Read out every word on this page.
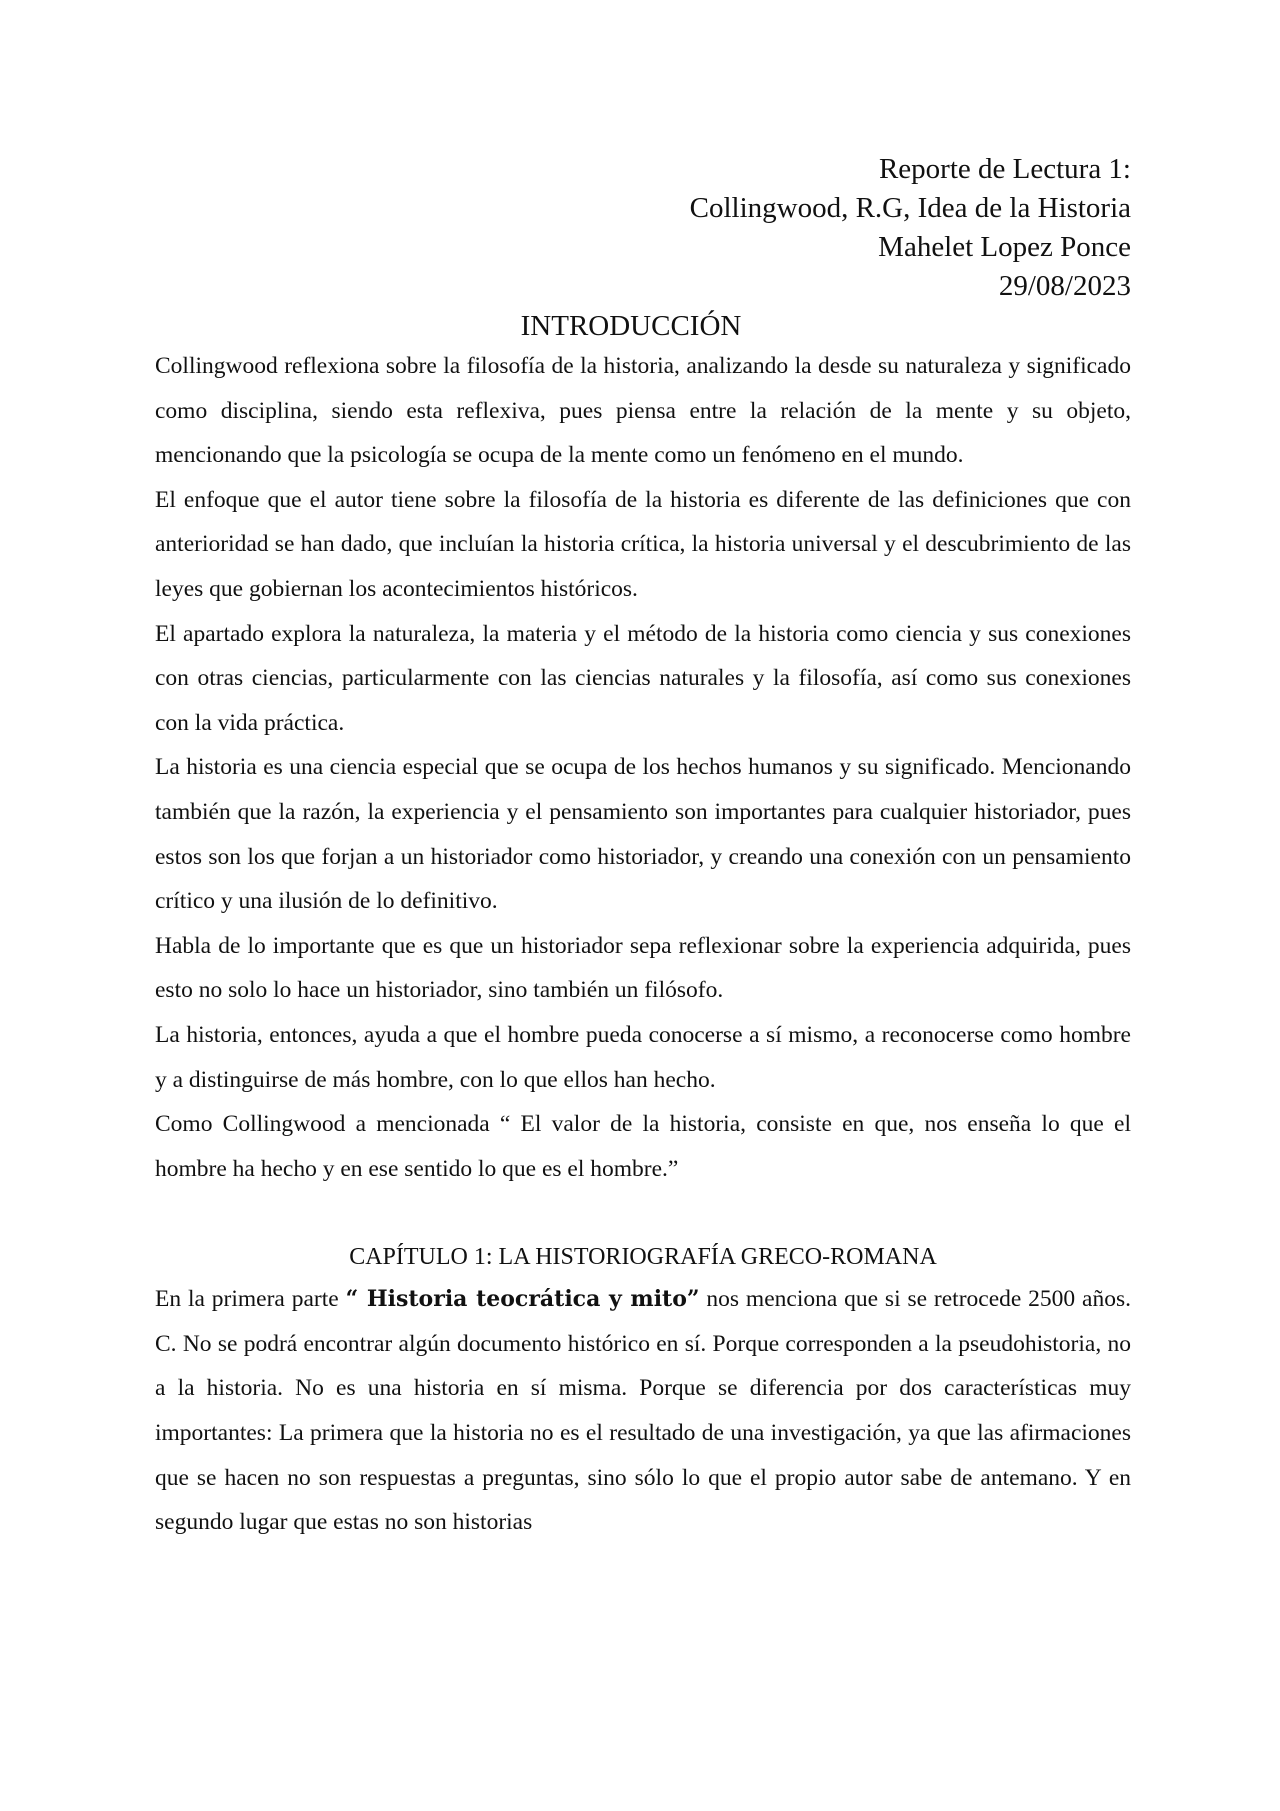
Reporte de Lectura 1:
Collingwood, R.G, Idea de la Historia
Mahelet Lopez Ponce
29/08/2023
INTRODUCCIÓN

Collingwood reflexiona sobre la filosofía de la historia, analizando la desde su naturaleza y significado como disciplina, siendo esta reflexiva, pues piensa entre la relación de la mente y su objeto, mencionando que la psicología se ocupa de la mente como un fenómeno en el mundo.

El enfoque que el autor tiene sobre la filosofía de la historia es diferente de las definiciones que con anterioridad se han dado, que incluían la historia crítica, la historia universal y el descubrimiento de las leyes que gobiernan los acontecimientos históricos.

El apartado explora la naturaleza, la materia y el método de la historia como ciencia y sus conexiones con otras ciencias, particularmente con las ciencias naturales y la filosofía, así como sus conexiones con la vida práctica.

La historia es una ciencia especial que se ocupa de los hechos humanos y su significado. Mencionando también que la razón, la experiencia y el pensamiento son importantes para cualquier historiador, pues estos son los que forjan a un historiador como historiador, y creando una conexión con un pensamiento crítico y una ilusión de lo definitivo.

Habla de lo importante que es que un historiador sepa reflexionar sobre la experiencia adquirida, pues esto no solo lo hace un historiador, sino también un filósofo.

La historia, entonces, ayuda a que el hombre pueda conocerse a sí mismo, a reconocerse como hombre y a distinguirse de más hombre, con lo que ellos han hecho.

Como Collingwood a mencionada “ El valor de la historia, consiste en que, nos enseña lo que el hombre ha hecho y en ese sentido lo que es el hombre.”

CAPÍTULO 1: LA HISTORIOGRAFÍA GRECO-ROMANA

En la primera parte “ Historia teocrática y mito” nos menciona que si se retrocede 2500 años. C. No se podrá encontrar algún documento histórico en sí. Porque corresponden a la pseudohistoria, no a la historia. No es una historia en sí misma. Porque se diferencia por dos características muy importantes: La primera que la historia no es el resultado de una investigación, ya que las afirmaciones que se hacen no son respuestas a preguntas, sino sólo lo que el propio autor sabe de antemano. Y en segundo lugar que estas no son historias
